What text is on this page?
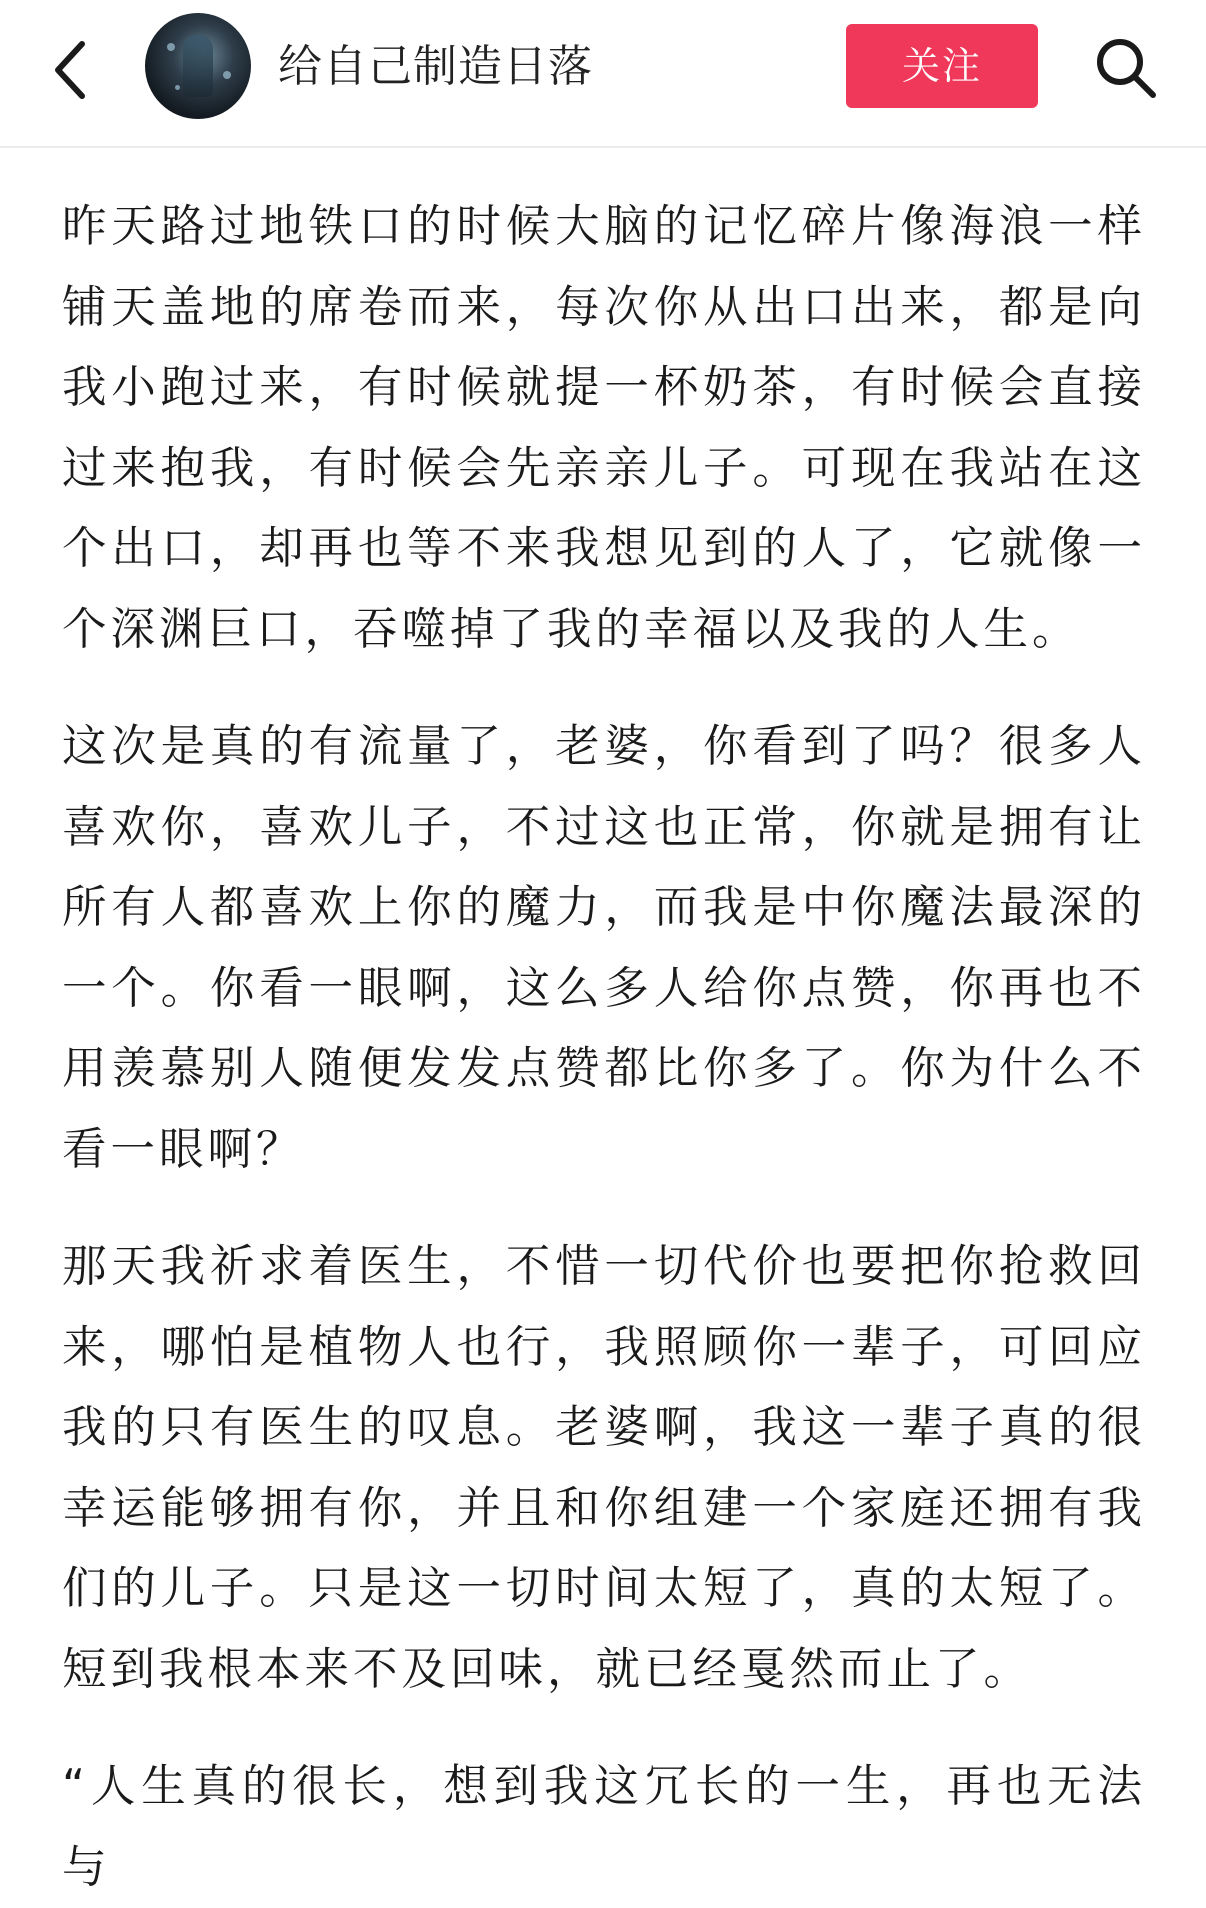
给自己制造日落	关注

昨天路过地铁口的时候大脑的记忆碎片像海浪一样铺天盖地的席卷而来，每次你从出口出来，都是向我小跑过来，有时候就提一杯奶茶，有时候会直接过来抱我，有时候会先亲亲儿子。可现在我站在这个出口，却再也等不来我想见到的人了，它就像一个深渊巨口，吞噬掉了我的幸福以及我的人生。

这次是真的有流量了，老婆，你看到了吗？很多人喜欢你，喜欢儿子，不过这也正常，你就是拥有让所有人都喜欢上你的魔力，而我是中你魔法最深的一个。你看一眼啊，这么多人给你点赞，你再也不用羡慕别人随便发发点赞都比你多了。你为什么不看一眼啊？

那天我祈求着医生，不惜一切代价也要把你抢救回来，哪怕是植物人也行，我照顾你一辈子，可回应我的只有医生的叹息。老婆啊，我这一辈子真的很幸运能够拥有你，并且和你组建一个家庭还拥有我们的儿子。只是这一切时间太短了，真的太短了。短到我根本来不及回味，就已经戛然而止了。

“人生真的很长，想到我这冗长的一生，再也无法与
